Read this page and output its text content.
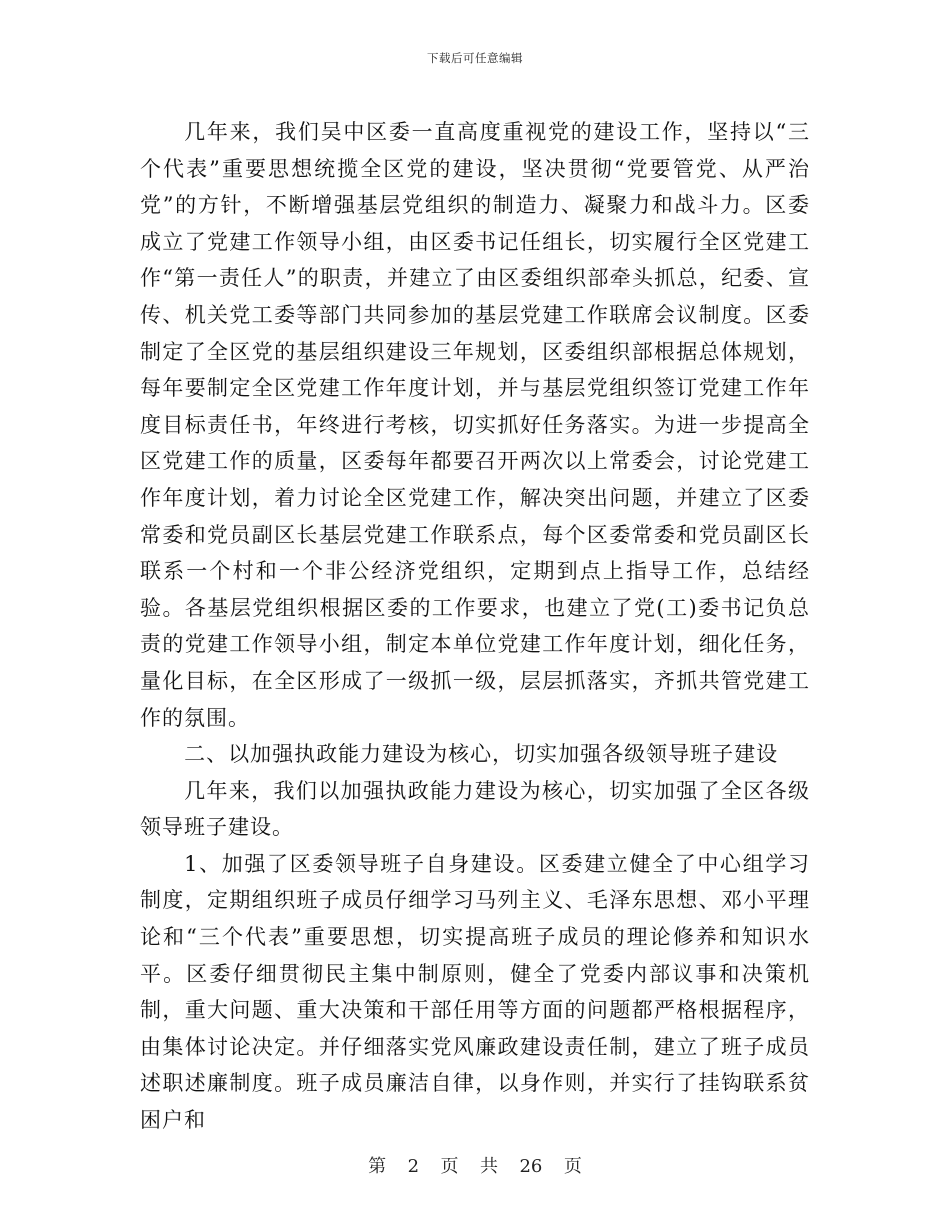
下载后可任意编辑

几年来，我们吴中区委一直高度重视党的建设工作，坚持以“三个代表”重要思想统揽全区党的建设，坚决贯彻“党要管党、从严治党”的方针，不断增强基层党组织的制造力、凝聚力和战斗力。区委成立了党建工作领导小组，由区委书记任组长，切实履行全区党建工作“第一责任人”的职责，并建立了由区委组织部牵头抓总，纪委、宣传、机关党工委等部门共同参加的基层党建工作联席会议制度。区委制定了全区党的基层组织建设三年规划，区委组织部根据总体规划，每年要制定全区党建工作年度计划，并与基层党组织签订党建工作年度目标责任书，年终进行考核，切实抓好任务落实。为进一步提高全区党建工作的质量，区委每年都要召开两次以上常委会，讨论党建工作年度计划，着力讨论全区党建工作，解决突出问题，并建立了区委常委和党员副区长基层党建工作联系点，每个区委常委和党员副区长联系一个村和一个非公经济党组织，定期到点上指导工作，总结经验。各基层党组织根据区委的工作要求，也建立了党(工)委书记负总责的党建工作领导小组，制定本单位党建工作年度计划，细化任务，量化目标，在全区形成了一级抓一级，层层抓落实，齐抓共管党建工作的氛围。

二、以加强执政能力建设为核心，切实加强各级领导班子建设

几年来，我们以加强执政能力建设为核心，切实加强了全区各级领导班子建设。

1、加强了区委领导班子自身建设。区委建立健全了中心组学习制度，定期组织班子成员仔细学习马列主义、毛泽东思想、邓小平理论和“三个代表”重要思想，切实提高班子成员的理论修养和知识水平。区委仔细贯彻民主集中制原则，健全了党委内部议事和决策机制，重大问题、重大决策和干部任用等方面的问题都严格根据程序，由集体讨论决定。并仔细落实党风廉政建设责任制，建立了班子成员述职述廉制度。班子成员廉洁自律，以身作则，并实行了挂钩联系贫困户和

第 2 页 共 26 页
